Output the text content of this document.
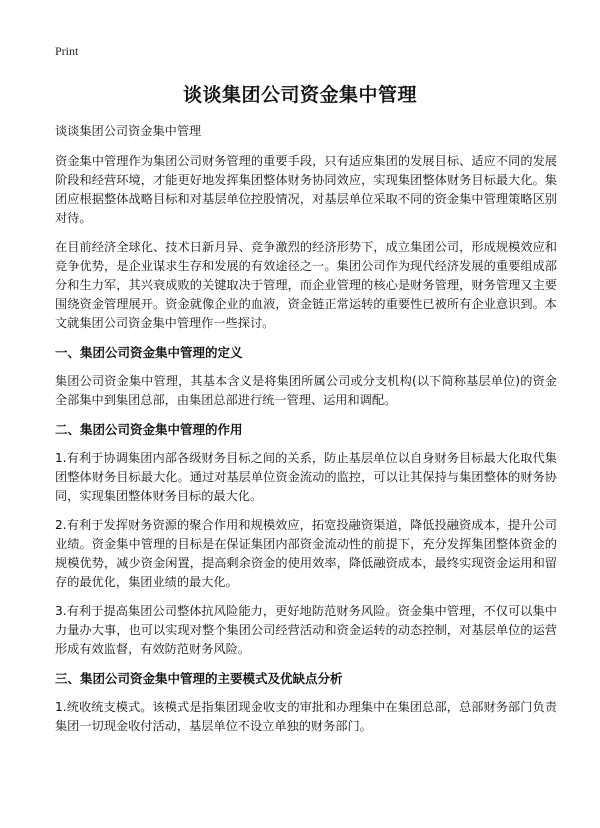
Print
谈谈集团公司资金集中管理

谈谈集团公司资金集中管理

资金集中管理作为集团公司财务管理的重要手段，只有适应集团的发展目标、适应不同的发展阶段和经营环境，才能更好地发挥集团整体财务协同效应，实现集团整体财务目标最大化。集团应根据整体战略目标和对基层单位控股情况，对基层单位采取不同的资金集中管理策略区别对待。

在目前经济全球化、技术日新月异、竞争激烈的经济形势下，成立集团公司，形成规模效应和竞争优势，是企业谋求生存和发展的有效途径之一。集团公司作为现代经济发展的重要组成部分和生力军，其兴衰成败的关键取决于管理，而企业管理的核心是财务管理，财务管理又主要围绕资金管理展开。资金就像企业的血液，资金链正常运转的重要性已被所有企业意识到。本文就集团公司资金集中管理作一些探讨。

一、集团公司资金集中管理的定义

集团公司资金集中管理，其基本含义是将集团所属公司或分支机构(以下简称基层单位)的资金全部集中到集团总部，由集团总部进行统一管理、运用和调配。

二、集团公司资金集中管理的作用

1.有利于协调集团内部各级财务目标之间的关系，防止基层单位以自身财务目标最大化取代集团整体财务目标最大化。通过对基层单位资金流动的监控，可以让其保持与集团整体的财务协同，实现集团整体财务目标的最大化。

2.有利于发挥财务资源的聚合作用和规模效应，拓宽投融资渠道，降低投融资成本，提升公司业绩。资金集中管理的目标是在保证集团内部资金流动性的前提下，充分发挥集团整体资金的规模优势，减少资金闲置，提高剩余资金的使用效率，降低融资成本，最终实现资金运用和留存的最优化，集团业绩的最大化。

3.有利于提高集团公司整体抗风险能力，更好地防范财务风险。资金集中管理，不仅可以集中力量办大事，也可以实现对整个集团公司经营活动和资金运转的动态控制，对基层单位的运营形成有效监督，有效防范财务风险。

三、集团公司资金集中管理的主要模式及优缺点分析

1.统收统支模式。该模式是指集团现金收支的审批和办理集中在集团总部，总部财务部门负责集团一切现金收付活动，基层单位不设立单独的财务部门。
